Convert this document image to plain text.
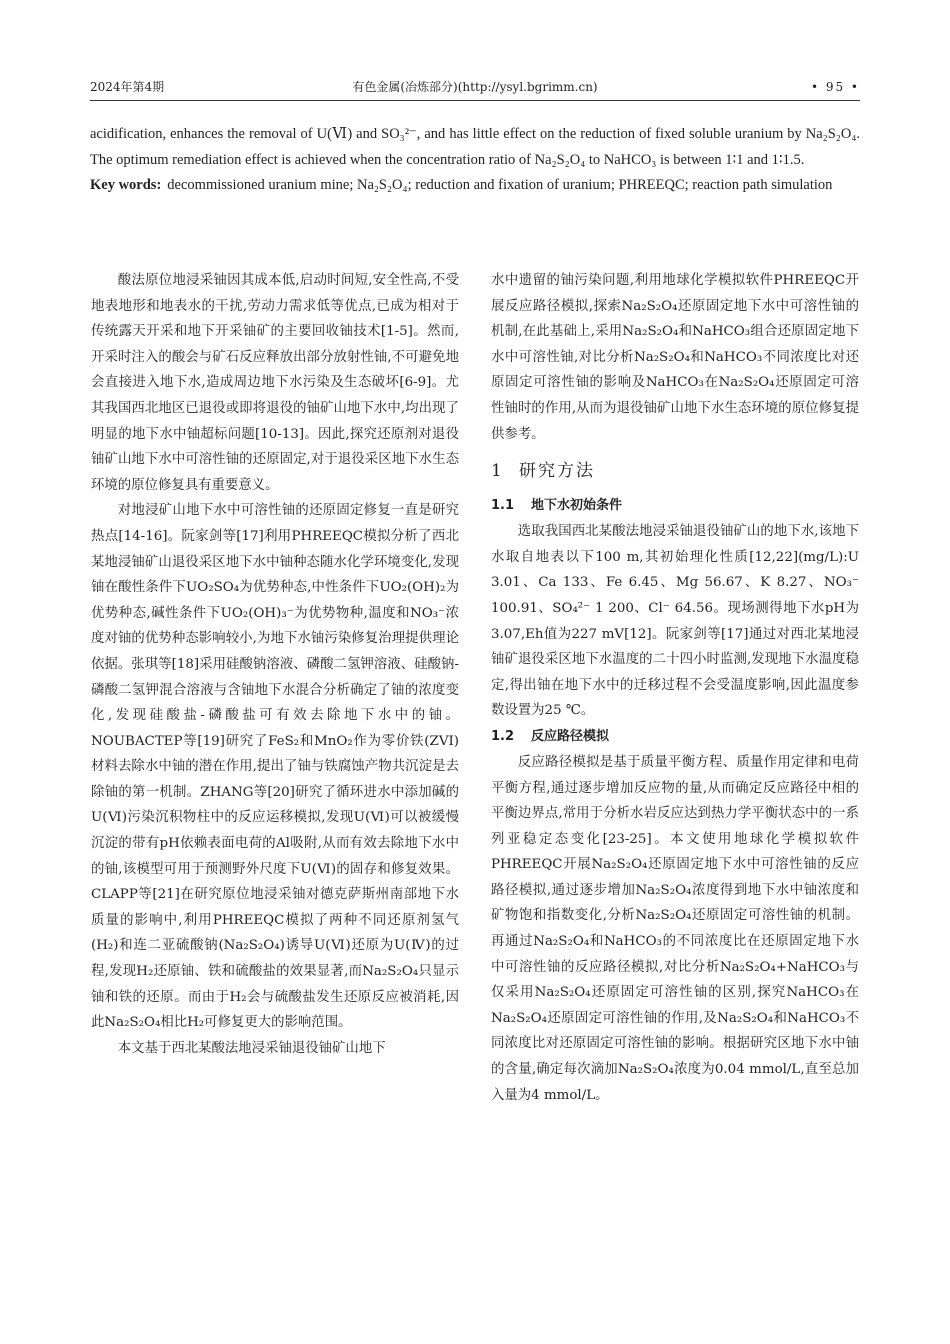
2024年第4期	有色金属(冶炼部分)(http://ysyl.bgrimm.cn)	• 95 •

acidification, enhances the removal of U(Ⅵ) and SO₃²⁻, and has little effect on the reduction of fixed soluble uranium by Na₂S₂O₄. The optimum remediation effect is achieved when the concentration ratio of Na₂S₂O₄ to NaHCO₃ is between 1∶1 and 1∶1.5.

Key words: decommissioned uranium mine; Na₂S₂O₄; reduction and fixation of uranium; PHREEQC; reaction path simulation

酸法原位地浸采铀因其成本低,启动时间短,安全性高,不受地表地形和地表水的干扰,劳动力需求低等优点,已成为相对于传统露天开采和地下开采铀矿的主要回收铀技术[1-5]。然而,开采时注入的酸会与矿石反应释放出部分放射性铀,不可避免地会直接进入地下水,造成周边地下水污染及生态破坏[6-9]。尤其我国西北地区已退役或即将退役的铀矿山地下水中,均出现了明显的地下水中铀超标问题[10-13]。因此,探究还原剂对退役铀矿山地下水中可溶性铀的还原固定,对于退役采区地下水生态环境的原位修复具有重要意义。

对地浸矿山地下水中可溶性铀的还原固定修复一直是研究热点[14-16]。阮家剑等[17]利用PHREEQC模拟分析了西北某地浸铀矿山退役采区地下水中铀种态随水化学环境变化,发现铀在酸性条件下UO₂SO₄为优势种态,中性条件下UO₂(OH)₂为优势种态,碱性条件下UO₂(OH)₃⁻为优势物种,温度和NO₃⁻浓度对铀的优势种态影响较小,为地下水铀污染修复治理提供理论依据。张琪等[18]采用硅酸钠溶液、磷酸二氢钾溶液、硅酸钠-磷酸二氢钾混合溶液与含铀地下水混合分析确定了铀的浓度变化,发现硅酸盐-磷酸盐可有效去除地下水中的铀。NOUBACTEP等[19]研究了FeS₂和MnO₂作为零价铁(ZVI)材料去除水中铀的潜在作用,提出了铀与铁腐蚀产物共沉淀是去除铀的第一机制。ZHANG等[20]研究了循环进水中添加碱的U(Ⅵ)污染沉积物柱中的反应运移模拟,发现U(Ⅵ)可以被缓慢沉淀的带有pH依赖表面电荷的Al吸附,从而有效去除地下水中的铀,该模型可用于预测野外尺度下U(Ⅵ)的固存和修复效果。CLAPP等[21]在研究原位地浸采铀对德克萨斯州南部地下水质量的影响中,利用PHREEQC模拟了两种不同还原剂氢气(H₂)和连二亚硫酸钠(Na₂S₂O₄)诱导U(Ⅵ)还原为U(Ⅳ)的过程,发现H₂还原铀、铁和硫酸盐的效果显著,而Na₂S₂O₄只显示铀和铁的还原。而由于H₂会与硫酸盐发生还原反应被消耗,因此Na₂S₂O₄相比H₂可修复更大的影响范围。

本文基于西北某酸法地浸采铀退役铀矿山地下

水中遗留的铀污染问题,利用地球化学模拟软件PHREEQC开展反应路径模拟,探索Na₂S₂O₄还原固定地下水中可溶性铀的机制,在此基础上,采用Na₂S₂O₄和NaHCO₃组合还原固定地下水中可溶性铀,对比分析Na₂S₂O₄和NaHCO₃不同浓度比对还原固定可溶性铀的影响及NaHCO₃在Na₂S₂O₄还原固定可溶性铀时的作用,从而为退役铀矿山地下水生态环境的原位修复提供参考。

1 研究方法
1.1 地下水初始条件

选取我国西北某酸法地浸采铀退役铀矿山的地下水,该地下水取自地表以下100 m,其初始理化性质[12,22](mg/L):U 3.01、Ca 133、Fe 6.45、Mg 56.67、K 8.27、NO₃⁻ 100.91、SO₄²⁻ 1 200、Cl⁻ 64.56。现场测得地下水pH为3.07,Eh值为227 mV[12]。阮家剑等[17]通过对西北某地浸铀矿退役采区地下水温度的二十四小时监测,发现地下水温度稳定,得出铀在地下水中的迁移过程不会受温度影响,因此温度参数设置为25 ℃。

1.2 反应路径模拟

反应路径模拟是基于质量平衡方程、质量作用定律和电荷平衡方程,通过逐步增加反应物的量,从而确定反应路径中相的平衡边界点,常用于分析水岩反应达到热力学平衡状态中的一系列亚稳定态变化[23-25]。本文使用地球化学模拟软件PHREEQC开展Na₂S₂O₄还原固定地下水中可溶性铀的反应路径模拟,通过逐步增加Na₂S₂O₄浓度得到地下水中铀浓度和矿物饱和指数变化,分析Na₂S₂O₄还原固定可溶性铀的机制。再通过Na₂S₂O₄和NaHCO₃的不同浓度比在还原固定地下水中可溶性铀的反应路径模拟,对比分析Na₂S₂O₄+NaHCO₃与仅采用Na₂S₂O₄还原固定可溶性铀的区别,探究NaHCO₃在Na₂S₂O₄还原固定可溶性铀的作用,及Na₂S₂O₄和NaHCO₃不同浓度比对还原固定可溶性铀的影响。根据研究区地下水中铀的含量,确定每次滴加Na₂S₂O₄浓度为0.04 mmol/L,直至总加入量为4 mmol/L。
